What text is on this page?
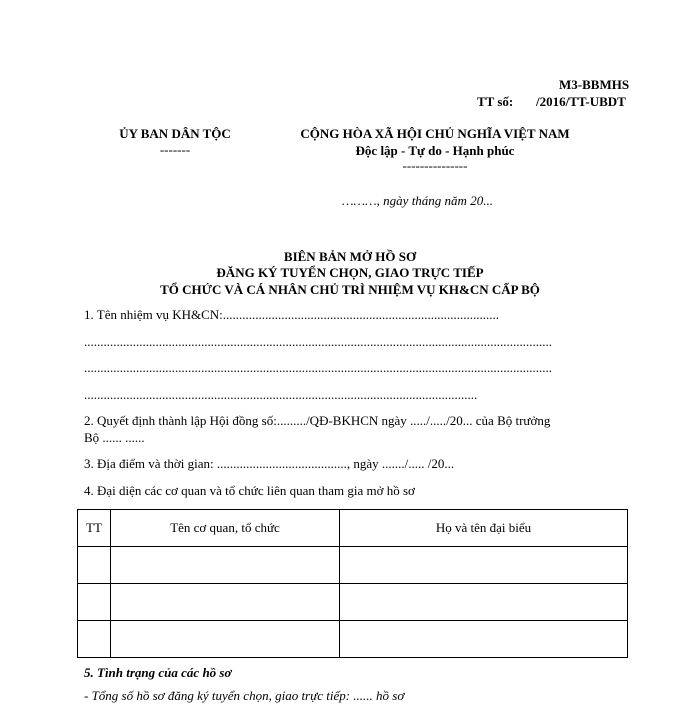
M3-BBMHS
TT số: /2016/TT-UBDT
ỦY BAN DÂN TỘC
-------
CỘNG HÒA XÃ HỘI CHỦ NGHĨA VIỆT NAM
Độc lập - Tự do - Hạnh phúc
---------------
………, ngày tháng năm 20...
BIÊN BẢN MỞ HỒ SƠ
ĐĂNG KÝ TUYỂN CHỌN, GIAO TRỰC TIẾP
TỔ CHỨC VÀ CÁ NHÂN CHỦ TRÌ NHIỆM VỤ KH&CN CẤP BỘ
1. Tên nhiệm vụ KH&CN:.....................................................................................
................................................................................................................................................
................................................................................................................................................
.........................................................................................................................
2. Quyết định thành lập Hội đồng số:........./QĐ-BKHCN ngày ...../...../20... của Bộ trưởng
Bộ ...... ......
3. Địa điểm và thời gian: ........................................, ngày ......./..... /20...
4. Đại diện các cơ quan và tổ chức liên quan tham gia mở hồ sơ
TT	Tên cơ quan, tổ chức	Họ và tên đại biểu

5. Tình trạng của các hồ sơ
- Tổng số hồ sơ đăng ký tuyển chọn, giao trực tiếp: ...... hồ sơ
